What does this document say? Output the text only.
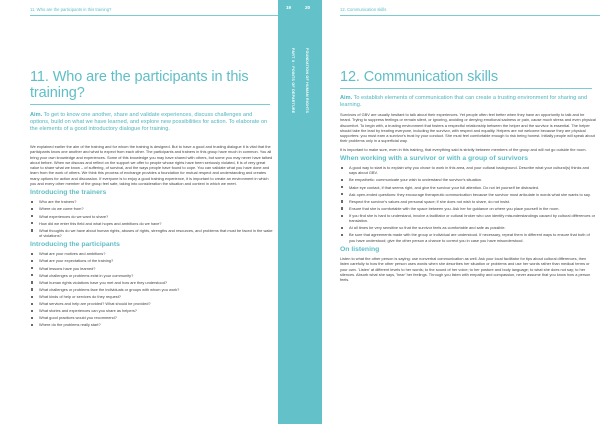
11. Who are the participants in this training?
11. Who are the participants in this training?
Aim. To get to know one another, share and validate experiences, discuss challenges and options, build on what we have learned, and explore new possibilities for action. To elaborate on the elements of a good introductory dialogue for training.

We explained earlier the aim of the training and for whom the training is designed. But to have a good and trusting dialogue it is vital that the participants know one another and what to expect from each other. The participants and trainers in this group have much in common. You all bring your own knowledge and experiences. Some of this knowledge you may have shared with others, but some you may never have talked about before. When we discuss and reflect on the support we offer to people whose rights have been seriously violated, it is of very great value to share what we know – of suffering, of survival, and the ways people have found to cope. You can validate what you have done and learn from the work of others. We think this process of exchange provides a foundation for mutual respect and understanding and creates many options for action and discussion. If everyone is to enjoy a good training experience, it is important to create an environment in which you and every other member of the group feel safe, taking into consideration the situation and context in which we meet.

Introducing the trainers
Who are the trainers?
Where do we come from?
What experiences do we want to share?
How did we enter this field and what hopes and ambitions do we have?
What thoughts do we have about human rights, abuses of rights, strengths and resources, and problems that must be faced in the wake of violations?
Introducing the participants
What are your motives and ambitions?
What are your expectations of the training?
What lessons have you learned?
What challenges or problems exist in your community?
What human rights violations have you met and how are they understood?
What challenges or problems face the individuals or groups with whom you work?
What kinds of help or services do they request?
What services and help are provided? What should be provided?
What stories and experiences can you share as helpers?
What good practices would you recommend?
Where do the problems really start?
19	20
PART II · POINTS OF DEPARTURE	FOUNDATION OF HUMAN RIGHTS
12. Communication skills
12. Communication skills
Aim. To establish elements of communication that can create a trusting environment for sharing and learning.

Survivors of GBV are usually hesitant to talk about their experiences. Yet people often feel better when they have an opportunity to talk and be heard. Trying to suppress feelings or remain silent, or ignoring, avoiding or denying emotional sadness or pain, cause much stress and even physical discomfort. To begin with, a trusting environment that fosters a respectful relationship between the helper and the survivor is essential. The helper should take the lead by treating everyone, including the survivor, with respect and equality. Helpers are not welcome because they are physical supporters: you must earn a survivor's trust by your conduct. She must feel comfortable enough to risk being honest. Initially people will speak about their problems only in a superficial way.

It is important to make sure, even in this training, that everything said is strictly between members of the group and will not go outside the room.

When working with a survivor or with a group of survivors
A good way to start is to explain why you chose to work in this area, and your cultural background. Describe what your cultural(s) thinks and says about GBV.
Be empathetic: communicate your wish to understand the survivor's situation.
Make eye contact, if that seems right, and give the survivor your full attention. Do not let yourself be distracted.
Ask open-ended questions: they encourage therapeutic communication because the survivor must articulate in words what she wants to say.
Respect the survivor's values and personal space; if she does not wish to share, do not insist.
Ensure that she is comfortable with the space between you. Ask her for guidance on where you place yourself in the room.
If you find she is hard to understand, involve a facilitator or cultural broker who can identify misunderstandings caused by cultural differences or translation.
At all times be very sensitive so that the survivor feels as comfortable and safe as possible.
Be sure that agreements made with the group or individual are understood. If necessary, repeat them in different ways to ensure that both of you have understood; give the other person a chance to correct you in case you have misunderstood.
On listening

Listen to what the other person is saying: use nonverbal communication as well. Ask your local facilitator for tips about cultural differences, then listen carefully to how the other person uses words when she describes her situation or problems and use her words rather than medical terms or your own. 'Listen' at different levels to her words; to the sound of her voice; to her posture and body language; to what she does not say; to her silences. Absorb what she says, 'hear' her feelings. Through you listen with empathy and compassion, never assume that you know how a person feels.
